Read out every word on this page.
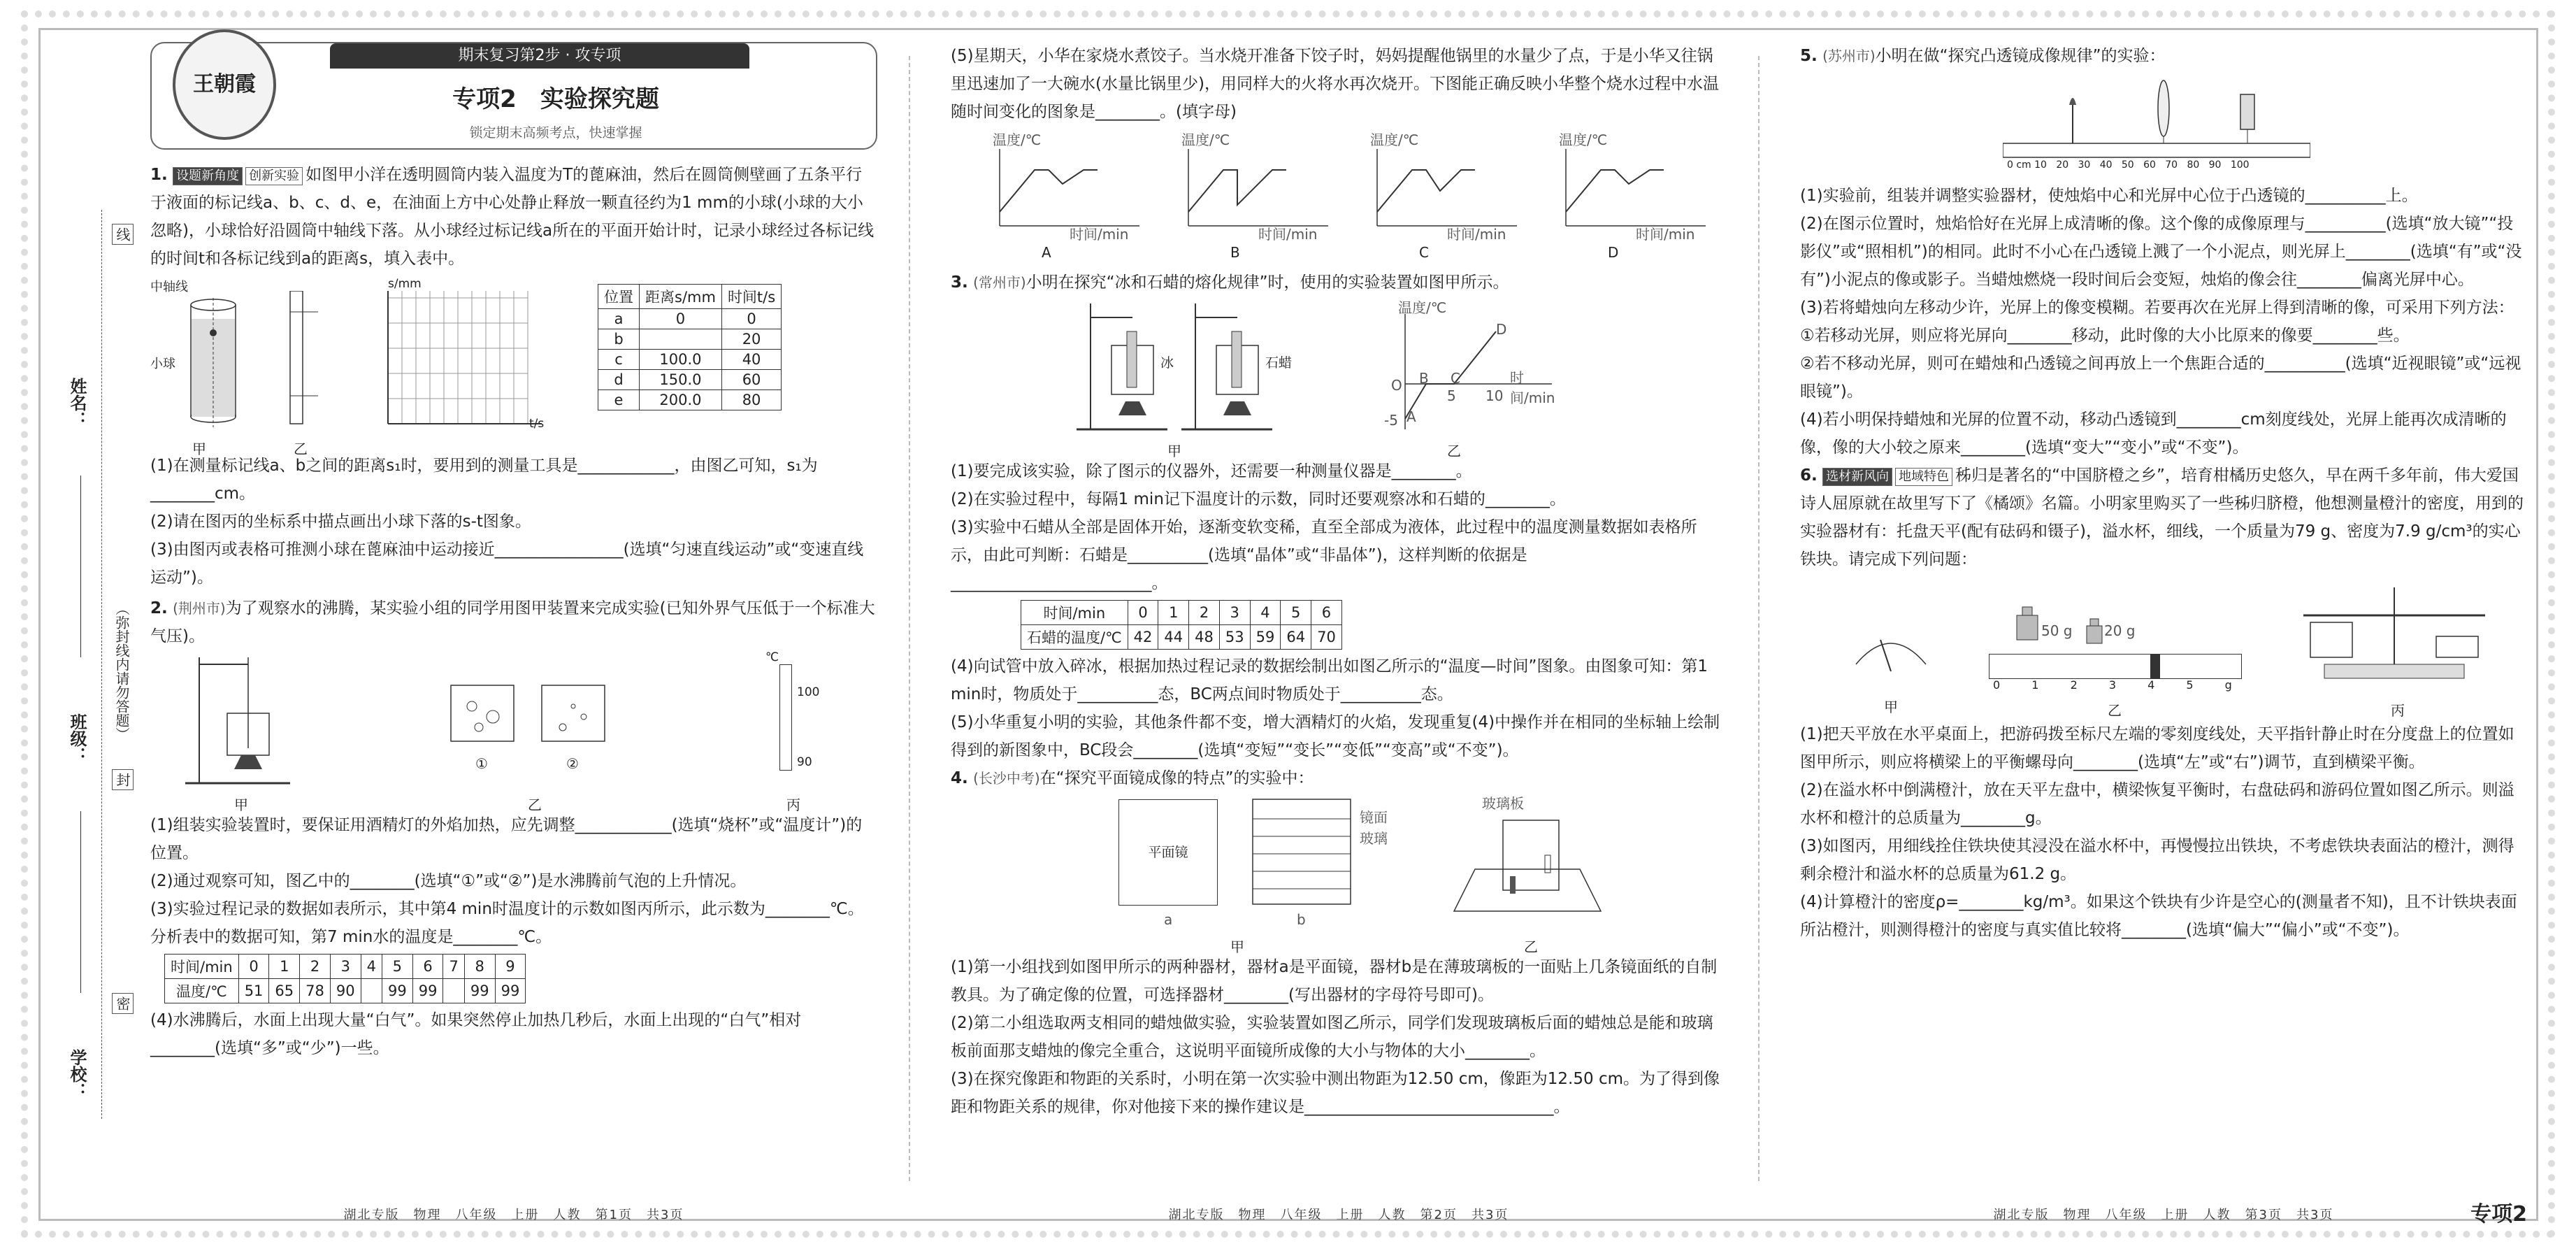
姓名：
班级：
学校：
线
（弥封线内请勿答题）
封
密
王朝霞
期末复习第2步 · 攻专项
专项2　实验探究题
锁定期末高频考点，快速掌握

1. 设题新角度 创新实验 如图甲小洋在透明圆筒内装入温度为T的蓖麻油，然后在圆筒侧壁画了五条平行于液面的标记线a、b、c、d、e，在油面上方中心处静止释放一颗直径约为1 mm的小球(小球的大小忽略)，小球恰好沿圆筒中轴线下落。从小球经过标记线a所在的平面开始计时，记录小球经过各标记线的时间t和各标记线到a的距离s，填入表中。

中轴线
小球
甲	乙
s/mm
t/s
位置	距离s/mm	时间t/s
a	0	0
b		20
c	100.0	40
d	150.0	60
e	200.0	80

(1)在测量标记线a、b之间的距离s₁时，要用到的测量工具是____________，由图乙可知，s₁为________cm。

(2)请在图丙的坐标系中描点画出小球下落的s-t图象。

(3)由图丙或表格可推测小球在蓖麻油中运动接近________________(选填“匀速直线运动”或“变速直线运动”)。

2. (荆州市)为了观察水的沸腾，某实验小组的同学用图甲装置来完成实验(已知外界气压低于一个标准大气压)。

甲
①	②
乙
℃
100
90
丙

(1)组装实验装置时，要保证用酒精灯的外焰加热，应先调整____________(选填“烧杯”或“温度计”)的位置。

(2)通过观察可知，图乙中的________(选填“①”或“②”)是水沸腾前气泡的上升情况。

(3)实验过程记录的数据如表所示，其中第4 min时温度计的示数如图丙所示，此示数为________℃。分析表中的数据可知，第7 min水的温度是________℃。

时间/min	0	1	2	3	4	5	6	7	8	9
温度/℃	51	65	78	90		99	99		99	99

(4)水沸腾后，水面上出现大量“白气”。如果突然停止加热几秒后，水面上出现的“白气”相对________(选填“多”或“少”)一些。

湖北专版　物理　八年级　上册　人教　第1页　共3页

(5)星期天，小华在家烧水煮饺子。当水烧开准备下饺子时，妈妈提醒他锅里的水量少了点，于是小华又往锅里迅速加了一大碗水(水量比锅里少)，用同样大的火将水再次烧开。下图能正确反映小华整个烧水过程中水温随时间变化的图象是________。(填字母)

温度/℃
时间/min
A
温度/℃
时间/min
B
温度/℃
时间/min
C
温度/℃
时间/min
D

3. (常州市)小明在探究“冰和石蜡的熔化规律”时，使用的实验装置如图甲所示。

冰	石蜡
甲
温度/℃
A
B C
D
时间/min
5 10
-5
O
乙

(1)要完成该实验，除了图示的仪器外，还需要一种测量仪器是________。

(2)在实验过程中，每隔1 min记下温度计的示数，同时还要观察冰和石蜡的________。

(3)实验中石蜡从全部是固体开始，逐渐变软变稀，直至全部成为液体，此过程中的温度测量数据如表格所示，由此可判断：石蜡是__________(选填“晶体”或“非晶体”)，这样判断的依据是_________________________。

时间/min	0	1	2	3	4	5	6
石蜡的温度/℃	42	44	48	53	59	64	70

(4)向试管中放入碎冰，根据加热过程记录的数据绘制出如图乙所示的“温度—时间”图象。由图象可知：第1 min时，物质处于__________态，BC两点间时物质处于__________态。

(5)小华重复小明的实验，其他条件都不变，增大酒精灯的火焰，发现重复(4)中操作并在相同的坐标轴上绘制得到的新图象中，BC段会________(选填“变短”“变长”“变低”“变高”或“不变”)。

4. (长沙中考)在“探究平面镜成像的特点”的实验中：

平面镜
a
镜面
玻璃
b
甲
玻璃板
乙

(1)第一小组找到如图甲所示的两种器材，器材a是平面镜，器材b是在薄玻璃板的一面贴上几条镜面纸的自制教具。为了确定像的位置，可选择器材________(写出器材的字母符号即可)。

(2)第二小组选取两支相同的蜡烛做实验，实验装置如图乙所示，同学们发现玻璃板后面的蜡烛总是能和玻璃板前面那支蜡烛的像完全重合，这说明平面镜所成像的大小与物体的大小________。

(3)在探究像距和物距的关系时，小明在第一次实验中测出物距为12.50 cm，像距为12.50 cm。为了得到像距和物距关系的规律，你对他接下来的操作建议是_______________________________。

湖北专版　物理　八年级　上册　人教　第2页　共3页

5. (苏州市)小明在做“探究凸透镜成像规律”的实验：

0 cm 10 20 30 40 50 60 70 80 90 100

(1)实验前，组装并调整实验器材，使烛焰中心和光屏中心位于凸透镜的__________上。

(2)在图示位置时，烛焰恰好在光屏上成清晰的像。这个像的成像原理与__________(选填“放大镜”“投影仪”或“照相机”)的相同。此时不小心在凸透镜上溅了一个小泥点，则光屏上________(选填“有”或“没有”)小泥点的像或影子。当蜡烛燃烧一段时间后会变短，烛焰的像会往________偏离光屏中心。

(3)若将蜡烛向左移动少许，光屏上的像变模糊。若要再次在光屏上得到清晰的像，可采用下列方法：

①若移动光屏，则应将光屏向________移动，此时像的大小比原来的像要________些。

②若不移动光屏，则可在蜡烛和凸透镜之间再放上一个焦距合适的__________(选填“近视眼镜”或“远视眼镜”)。

(4)若小明保持蜡烛和光屏的位置不动，移动凸透镜到________cm刻度线处，光屏上能再次成清晰的像，像的大小较之原来________(选填“变大”“变小”或“不变”)。

6. 选材新风向 地域特色 秭归是著名的“中国脐橙之乡”，培育柑橘历史悠久，早在两千多年前，伟大爱国诗人屈原就在故里写下了《橘颂》名篇。小明家里购买了一些秭归脐橙，他想测量橙汁的密度，用到的实验器材有：托盘天平(配有砝码和镊子)，溢水杯，细线，一个质量为79 g、密度为7.9 g/cm³的实心铁块。请完成下列问题：

甲
50 g 20 g
0	1	2	3	4	5 g
乙	丙

(1)把天平放在水平桌面上，把游码拨至标尺左端的零刻度线处，天平指针静止时在分度盘上的位置如图甲所示，则应将横梁上的平衡螺母向________(选填“左”或“右”)调节，直到横梁平衡。

(2)在溢水杯中倒满橙汁，放在天平左盘中，横梁恢复平衡时，右盘砝码和游码位置如图乙所示。则溢水杯和橙汁的总质量为________g。

(3)如图丙，用细线拴住铁块使其浸没在溢水杯中，再慢慢拉出铁块，不考虑铁块表面沾的橙汁，测得剩余橙汁和溢水杯的总质量为61.2 g。

(4)计算橙汁的密度ρ=________kg/m³。如果这个铁块有少许是空心的(测量者不知)，且不计铁块表面所沾橙汁，则测得橙汁的密度与真实值比较将________(选填“偏大”“偏小”或“不变”)。

湖北专版　物理　八年级　上册　人教　第3页　共3页	专项2
